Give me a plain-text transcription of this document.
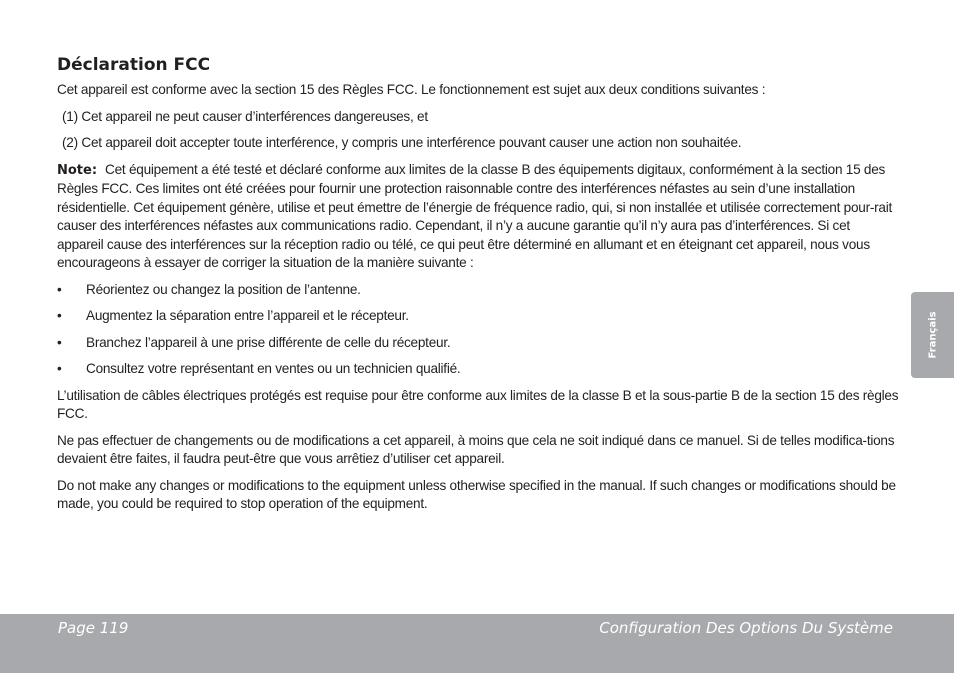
Déclaration FCC
Cet appareil est conforme avec la section 15 des Règles FCC. Le fonctionnement est sujet aux deux conditions suivantes :
(1) Cet appareil ne peut causer d’interférences dangereuses, et
(2) Cet appareil doit accepter toute interférence, y compris une interférence pouvant causer une action non souhaitée.
Note: Cet équipement a été testé et déclaré conforme aux limites de la classe B des équipements digitaux, conformément à la section 15 des Règles FCC. Ces limites ont été créées pour fournir une protection raisonnable contre des interférences néfastes au sein d’une installation résidentielle. Cet équipement génère, utilise et peut émettre de l’énergie de fréquence radio, qui, si non installée et utilisée correctement pour-rait causer des interférences néfastes aux communications radio. Cependant, il n’y a aucune garantie qu’il n’y aura pas d’interférences. Si cet appareil cause des interférences sur la réception radio ou télé, ce qui peut être déterminé en allumant et en éteignant cet appareil, nous vous encourageons à essayer de corriger la situation de la manière suivante :
• Réorientez ou changez la position de l’antenne.
• Augmentez la séparation entre l’appareil et le récepteur.
• Branchez l’appareil à une prise différente de celle du récepteur.
• Consultez votre représentant en ventes ou un technicien qualifié.
L’utilisation de câbles électriques protégés est requise pour être conforme aux limites de la classe B et la sous-partie B de la section 15 des règles FCC.
Ne pas effectuer de changements ou de modifications a cet appareil, à moins que cela ne soit indiqué dans ce manuel. Si de telles modifica-tions devaient être faites, il faudra peut-être que vous arrêtiez d’utiliser cet appareil.
Do not make any changes or modifications to the equipment unless otherwise specified in the manual. If such changes or modifications should be made, you could be required to stop operation of the equipment.
Français
Page 119	Configuration Des Options Du Système
